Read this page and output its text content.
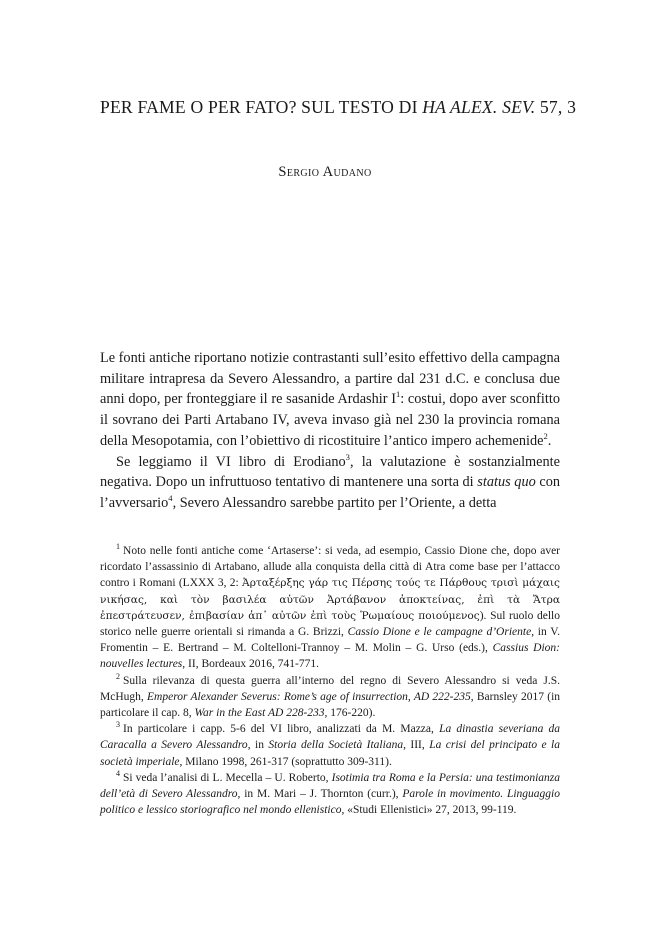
PER FAME O PER FATO? SUL TESTO DI HA ALEX. SEV. 57, 3
Sergio Audano

Le fonti antiche riportano notizie contrastanti sull’esito effettivo della campagna militare intrapresa da Severo Alessandro, a partire dal 231 d.C. e conclusa due anni dopo, per fronteggiare il re sasanide Ardashir $I^1$: costui, dopo aver sconfitto il sovrano dei Parti Artabano IV, aveva invaso già nel 230 la provincia romana della Mesopotamia, con l’obiettivo di ricostituire l’antico impero achemenide$^2$.

Se leggiamo il VI libro di Erodiano$^3$, la valutazione è sostanzialmente negativa. Dopo un infruttuoso tentativo di mantenere una sorta di status quo con l’avversario$^4$, Severo Alessandro sarebbe partito per l’Oriente, a detta

$^1$ Noto nelle fonti antiche come ‘Artaserse’: si veda, ad esempio, Cassio Dione che, dopo aver ricordato l’assassinio di Artabano, allude alla conquista della città di Atra come base per l’attacco contro i Romani (LXXX 3, 2: Ἀρταξέρξης γάρ τις Πέρσης τούς τε Πάρθους τρισὶ μάχαις νικήσας, καὶ τὸν βασιλέα αὐτῶν Ἀρτάβανον ἀποκτείνας, ἐπὶ τὰ Ἄτρα ἐπεστράτευσεν, ἐπιβασίαν ἀπ᾿ αὐτῶν ἐπὶ τοὺς Ῥωμαίους ποιούμενος). Sul ruolo dello storico nelle guerre orientali si rimanda a G. Brizzi, Cassio Dione e le campagne d’Oriente, in V. Fromentin – E. Bertrand – M. Coltelloni-Trannoy – M. Molin – G. Urso (eds.), Cassius Dion: nouvelles lectures, II, Bordeaux 2016, 741-771.

$^2$ Sulla rilevanza di questa guerra all’interno del regno di Severo Alessandro si veda J.S. McHugh, Emperor Alexander Severus: Rome’s age of insurrection, AD 222-235, Barnsley 2017 (in particolare il cap. 8, War in the East AD 228-233, 176-220).

$^3$ In particolare i capp. 5-6 del VI libro, analizzati da M. Mazza, La dinastia severiana da Caracalla a Severo Alessandro, in Storia della Società Italiana, III, La crisi del principato e la società imperiale, Milano 1998, 261-317 (soprattutto 309-311).

$^4$ Si veda l’analisi di L. Mecella – U. Roberto, Isotimia tra Roma e la Persia: una testimonianza dell’età di Severo Alessandro, in M. Mari – J. Thornton (curr.), Parole in movimento. Linguaggio politico e lessico storiografico nel mondo ellenistico, «Studi Ellenistici» 27, 2013, 99-119.
